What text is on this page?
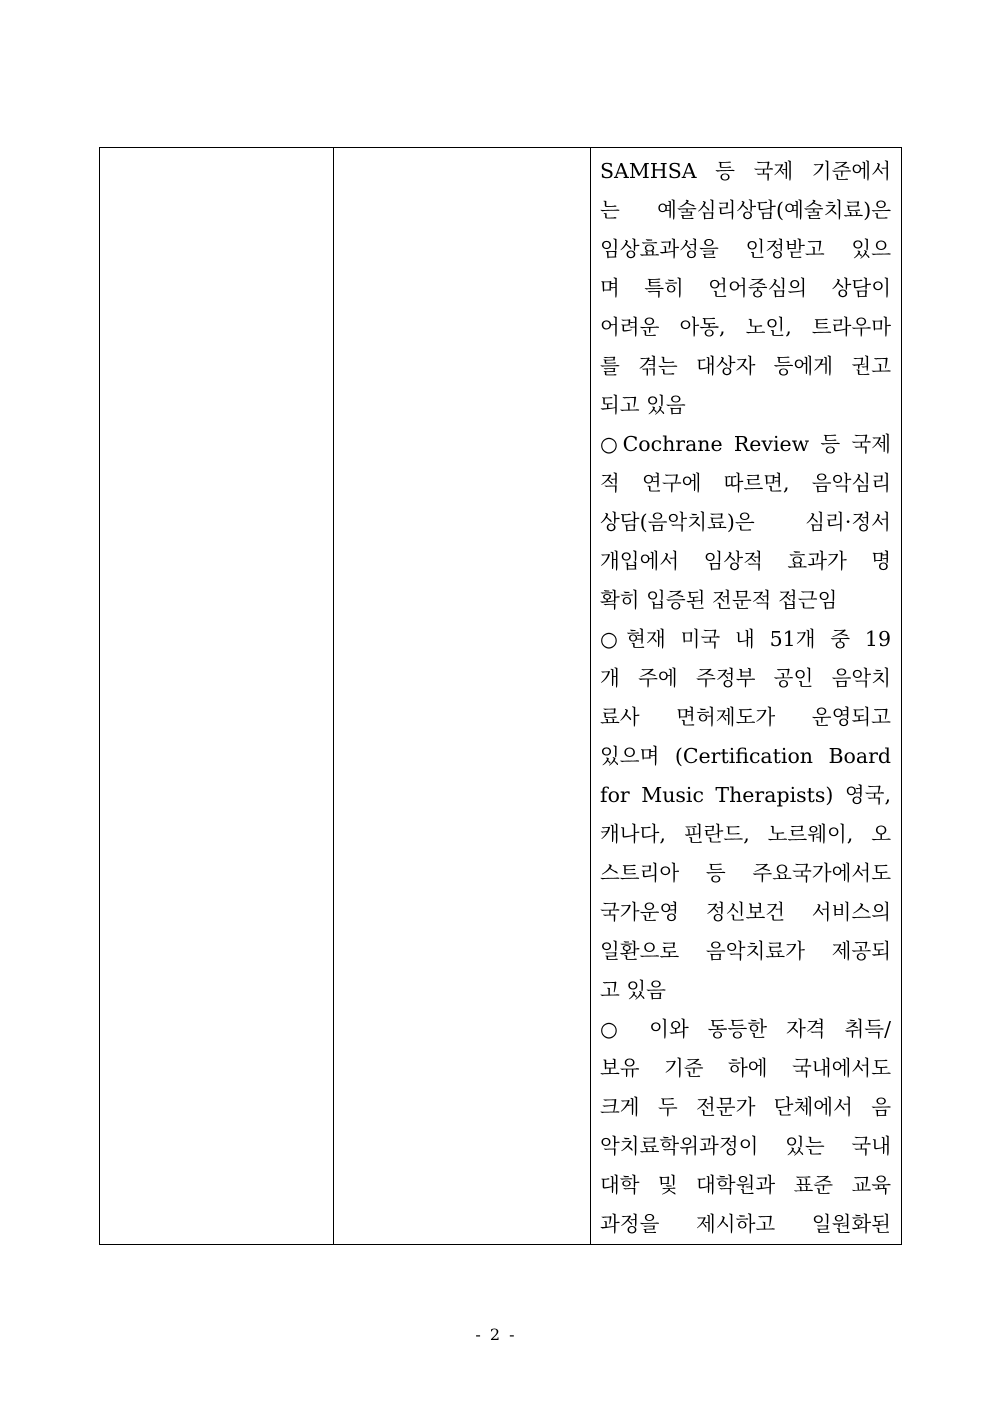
SAMHSA 등 국제 기준에서
는 예술심리상담(예술치료)은
임상효과성을 인정받고 있으
며 특히 언어중심의 상담이
어려운 아동, 노인, 트라우마
를 겪는 대상자 등에게 권고
되고 있음
○Cochrane Review 등 국제
적 연구에 따르면, 음악심리
상담(음악치료)은 심리·정서
개입에서 임상적 효과가 명
확히 입증된 전문적 접근임
○현재 미국 내 51개 중 19
개 주에 주정부 공인 음악치
료사 면허제도가 운영되고
있으며 (Certification Board
for Music Therapists) 영국,
캐나다, 핀란드, 노르웨이, 오
스트리아 등 주요국가에서도
국가운영 정신보건 서비스의
일환으로 음악치료가 제공되
고 있음
○ 이와 동등한 자격 취득/
보유 기준 하에 국내에서도
크게 두 전문가 단체에서 음
악치료학위과정이 있는 국내
대학 및 대학원과 표준 교육
과정을 제시하고 일원화된
- 2 -
